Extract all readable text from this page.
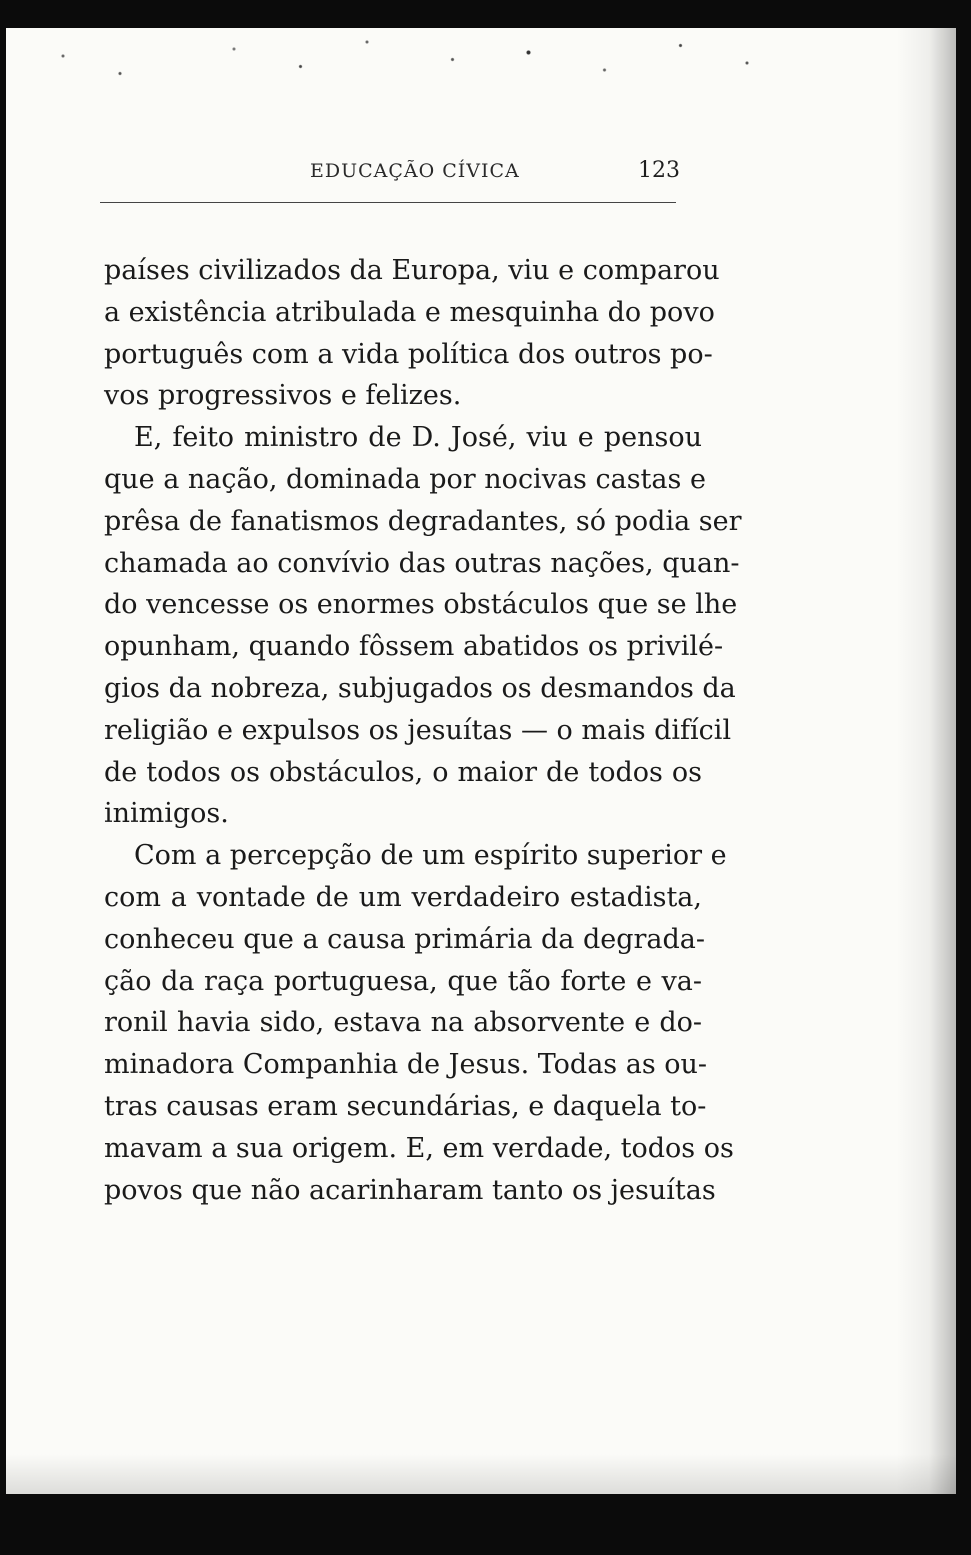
EDUCAÇÃO CÍVICA	123
países civilizados da Europa, viu e comparou
a existência atribulada e mesquinha do povo
português com a vida política dos outros po-
vos progressivos e felizes.
E, feito ministro de D. José, viu e pensou
que a nação, dominada por nocivas castas e
prêsa de fanatismos degradantes, só podia ser
chamada ao convívio das outras nações, quan-
do vencesse os enormes obstáculos que se lhe
opunham, quando fôssem abatidos os privilé-
gios da nobreza, subjugados os desmandos da
religião e expulsos os jesuítas — o mais difícil
de todos os obstáculos, o maior de todos os
inimigos.
Com a percepção de um espírito superior e
com a vontade de um verdadeiro estadista,
conheceu que a causa primária da degrada-
ção da raça portuguesa, que tão forte e va-
ronil havia sido, estava na absorvente e do-
minadora Companhia de Jesus. Todas as ou-
tras causas eram secundárias, e daquela to-
mavam a sua origem. E, em verdade, todos os
povos que não acarinharam tanto os jesuítas
